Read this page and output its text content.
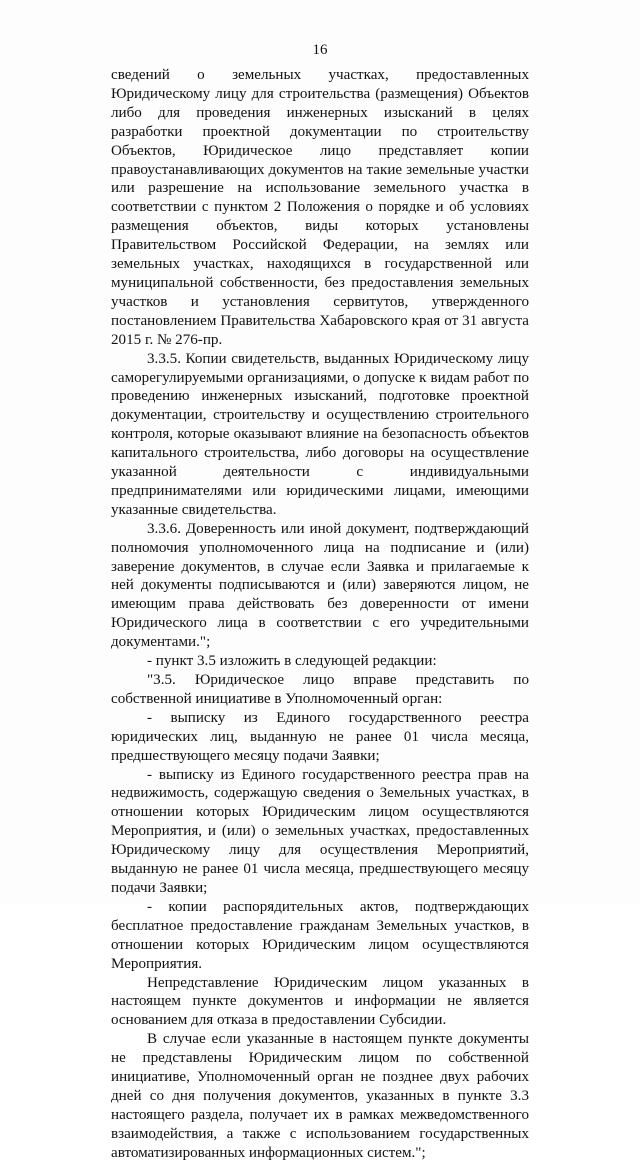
16

сведений о земельных участках, предоставленных Юридическому лицу для строительства (размещения) Объектов либо для проведения инженерных изысканий в целях разработки проектной документации по строительству Объектов, Юридическое лицо представляет копии правоустанавливающих документов на такие земельные участки или разрешение на использование земельного участка в соответствии с пунктом 2 Положения о порядке и об условиях размещения объектов, виды которых установлены Правительством Российской Федерации, на землях или земельных участках, находящихся в государственной или муниципальной собственности, без предоставления земельных участков и установления сервитутов, утвержденного постановлением Правительства Хабаровского края от 31 августа 2015 г. № 276-пр.

3.3.5. Копии свидетельств, выданных Юридическому лицу саморегулируемыми организациями, о допуске к видам работ по проведению инженерных изысканий, подготовке проектной документации, строительству и осуществлению строительного контроля, которые оказывают влияние на безопасность объектов капитального строительства, либо договоры на осуществление указанной деятельности с индивидуальными предпринимателями или юридическими лицами, имеющими указанные свидетельства.

3.3.6. Доверенность или иной документ, подтверждающий полномочия уполномоченного лица на подписание и (или) заверение документов, в случае если Заявка и прилагаемые к ней документы подписываются и (или) заверяются лицом, не имеющим права действовать без доверенности от имени Юридического лица в соответствии с его учредительными документами.";

- пункт 3.5 изложить в следующей редакции:

"3.5. Юридическое лицо вправе представить по собственной инициативе в Уполномоченный орган:

- выписку из Единого государственного реестра юридических лиц, выданную не ранее 01 числа месяца, предшествующего месяцу подачи Заявки;

- выписку из Единого государственного реестра прав на недвижимость, содержащую сведения о Земельных участках, в отношении которых Юридическим лицом осуществляются Мероприятия, и (или) о земельных участках, предоставленных Юридическому лицу для осуществления Мероприятий, выданную не ранее 01 числа месяца, предшествующего месяцу подачи Заявки;

- копии распорядительных актов, подтверждающих бесплатное предоставление гражданам Земельных участков, в отношении которых Юридическим лицом осуществляются Мероприятия.

Непредставление Юридическим лицом указанных в настоящем пункте документов и информации не является основанием для отказа в предоставлении Субсидии.

В случае если указанные в настоящем пункте документы не представлены Юридическим лицом по собственной инициативе, Уполномоченный орган не позднее двух рабочих дней со дня получения документов, указанных в пункте 3.3 настоящего раздела, получает их в рамках межведомственного взаимодействия, а также с использованием государственных автоматизированных информационных систем.";
